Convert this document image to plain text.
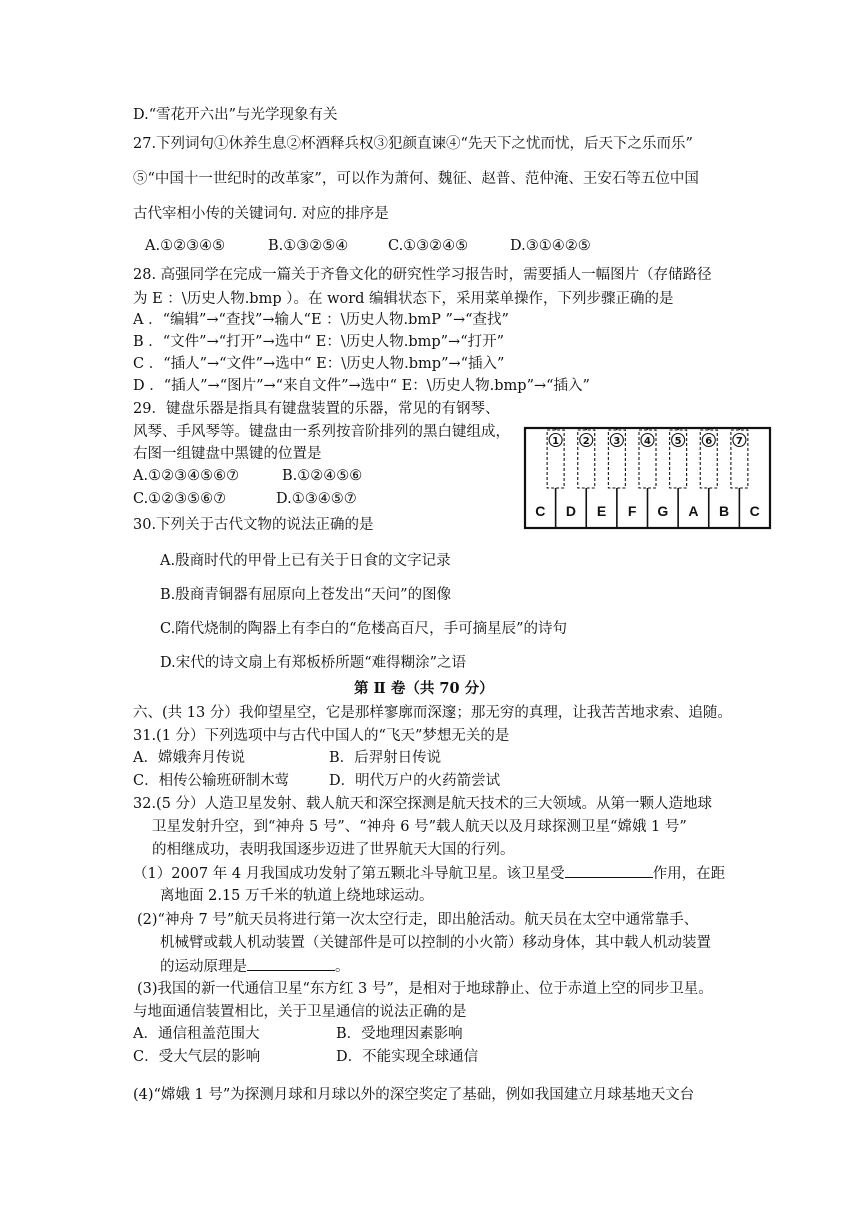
D.“雪花开六出”与光学现象有关
27.下列词句①休养生息②杯酒释兵权③犯颜直谏④“先天下之忧而忧，后天下之乐而乐”
⑤“中国十一世纪时的改革家”，可以作为萧何、魏征、赵普、范仲淹、王安石等五位中国
古代宰相小传的关键词句. 对应的排序是
A.①②③④⑤	B.①③②⑤④	C.①③②④⑤	D.③①④②⑤
28. 高强同学在完成一篇关于齐鲁文化的研究性学习报告时，需要插人一幅图片（存储路径
为 E ：\历史人物.bmp ）。在 word 编辑状态下，采用菜单操作，下列步骤正确的是
A ．“编辑”→“查找”→输人“E ：\历史人物.bmP ”→“查找”
B ．“文件”→“打开”→选中“ E：\历史人物.bmp”→“打开”
C ．“插人”→“文件”→选中“ E：\历史人物.bmp”→“插入”
D ．“插人”→“图片”→“来自文件”→选中“ E：\历史人物.bmp”→“插入”
29．键盘乐器是指具有键盘装置的乐器，常见的有钢琴、
风琴、手风琴等。键盘由一系列按音阶排列的黑白键组成，
右图一组键盘中黑键的位置是
A.①②③④⑤⑥⑦	B.①②④⑤⑥
C.①②③⑤⑥⑦	D.①③④⑤⑦
C D E F G A B C
1 2 3 4 5 6 7
30.下列关于古代文物的说法正确的是
A.殷商时代的甲骨上已有关于日食的文字记录
B.殷商青铜器有屈原向上苍发出“天问”的图像
C.隋代烧制的陶器上有李白的“危楼高百尺，手可摘星辰”的诗句
D.宋代的诗文扇上有郑板桥所题“难得糊涂”之语
第 Ⅱ 卷（共 70 分）
六、(共 13 分）我仰望星空，它是那样寥廓而深邃；那无穷的真理，让我苦苦地求索、追随。
31.(1 分）下列选项中与古代中国人的“飞天”梦想无关的是
A．嫦娥奔月传说	B．后羿射日传说
C．相传公输班研制木莺	D．明代万户的火药箭尝试
32.(5 分）人造卫星发射、载人航天和深空探测是航天技术的三大领域。从第一颗人造地球
卫星发射升空，到“神舟 5 号”、“神舟 6 号”载人航天以及月球探测卫星“嫦娥 1 号”
的相继成功，表明我国逐步迈进了世界航天大国的行列。
（1）2007 年 4 月我国成功发射了第五颗北斗导航卫星。该卫星受	作用，在距
离地面 2.15 万千米的轨道上绕地球运动。
(2)“神舟 7 号”航天员将进行第一次太空行走，即出舱活动。航天员在太空中通常靠手、
机械臂或载人机动装置（关键部件是可以控制的小火箭）移动身体，其中载人机动装置
的运动原理是	。
(3)我国的新一代通信卫星“东方红 3 号”，是相对于地球静止、位于赤道上空的同步卫星。
与地面通信装置相比，关于卫星通信的说法正确的是
A．通信租盖范围大	B．受地理因素影响
C．受大气层的影响	D．不能实现全球通信
(4)“嫦娥 1 号”为探测月球和月球以外的深空奖定了基础，例如我国建立月球基地天文台
